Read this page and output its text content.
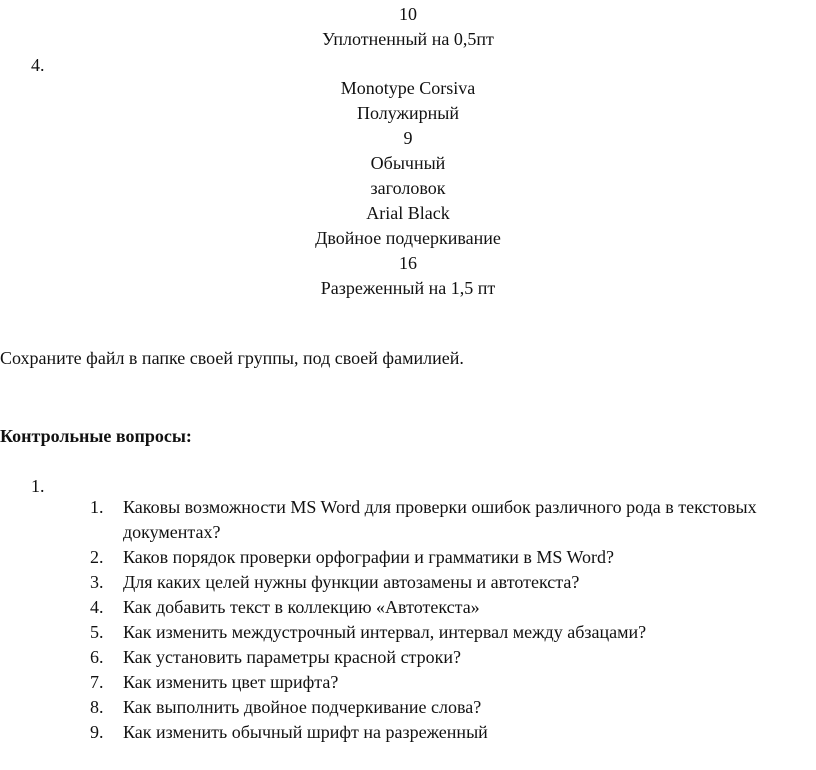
10
Уплотненный на 0,5пт
4.
Monotype Corsiva
Полужирный
9
Обычный
заголовок
Arial Black
Двойное подчеркивание
16
Разреженный на 1,5 пт
Сохраните файл в папке своей группы, под своей фамилией.
Контрольные вопросы:
1.
1.	Каковы возможности MS Word для проверки ошибок различного рода в текстовых документах?
2.	Каков порядок проверки орфографии и грамматики в MS Word?
3.	Для каких целей нужны функции автозамены и автотекста?
4.	Как добавить текст в коллекцию «Автотекста»
5.	Как изменить междустрочный интервал, интервал между абзацами?
6.	Как установить параметры красной строки?
7.	Как изменить цвет шрифта?
8.	Как выполнить двойное подчеркивание слова?
9.	Как изменить обычный шрифт на разреженный
